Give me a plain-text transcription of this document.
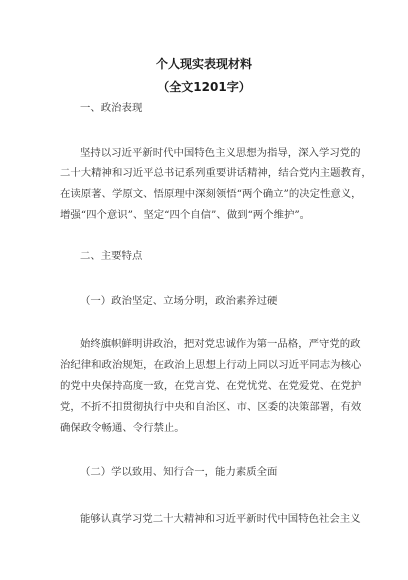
个人现实表现材料
（全文1201字）
一、政治表现
坚持以习近平新时代中国特色主义思想为指导，深入学习党的
二十大精神和习近平总书记系列重要讲话精神，结合党内主题教育，
在读原著、学原文、悟原理中深刻领悟“两个确立”的决定性意义，
增强“四个意识”、坚定“四个自信”、做到“两个维护”。
二、主要特点
（一）政治坚定、立场分明，政治素养过硬
始终旗帜鲜明讲政治，把对党忠诚作为第一品格，严守党的政
治纪律和政治规矩，在政治上思想上行动上同以习近平同志为核心
的党中央保持高度一致，在党言党、在党忧党、在党爱党、在党护
党，不折不扣贯彻执行中央和自治区、市、区委的决策部署，有效
确保政令畅通、令行禁止。
（二）学以致用、知行合一，能力素质全面
能够认真学习党二十大精神和习近平新时代中国特色社会主义
